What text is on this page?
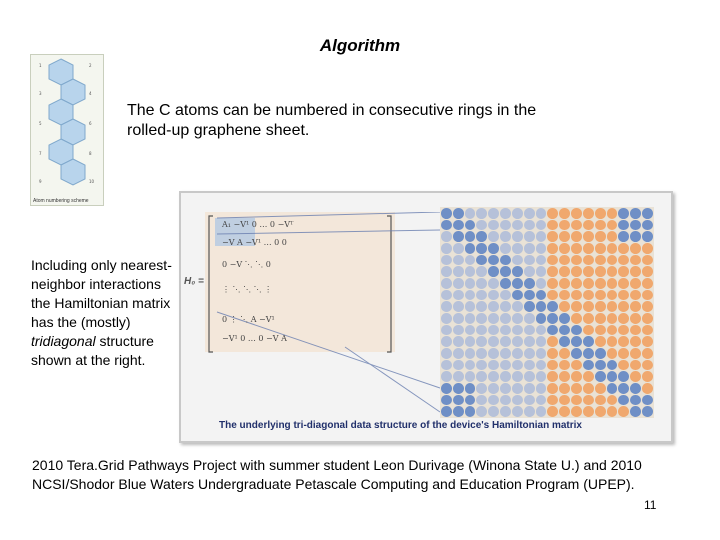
Algorithm
1	2
3	4
5	6
7	8
9	10
Atom numbering scheme
The C atoms can be numbered in consecutive rings in the rolled-up graphene sheet.
Including only nearest-neighbor interactions the Hamiltonian matrix has the (mostly) tridiagonal structure shown at the right.
H₀ =
A₁ −V¹ 0 … 0 −Vᵀ
−V A −V¹ … 0 0
0 −V ⋱ ⋱ 0
⋮ ⋱ ⋱ ⋱ ⋮
0 ⋮ ⋱ A −V¹
−V¹ 0 … 0 −V A
The underlying tri-diagonal data structure of the device's Hamiltonian matrix
2010 Tera.Grid Pathways Project with summer student Leon Durivage (Winona State U.) and 2010 NCSI/Shodor Blue Waters Undergraduate Petascale Computing and Education Program (UPEP).
11
